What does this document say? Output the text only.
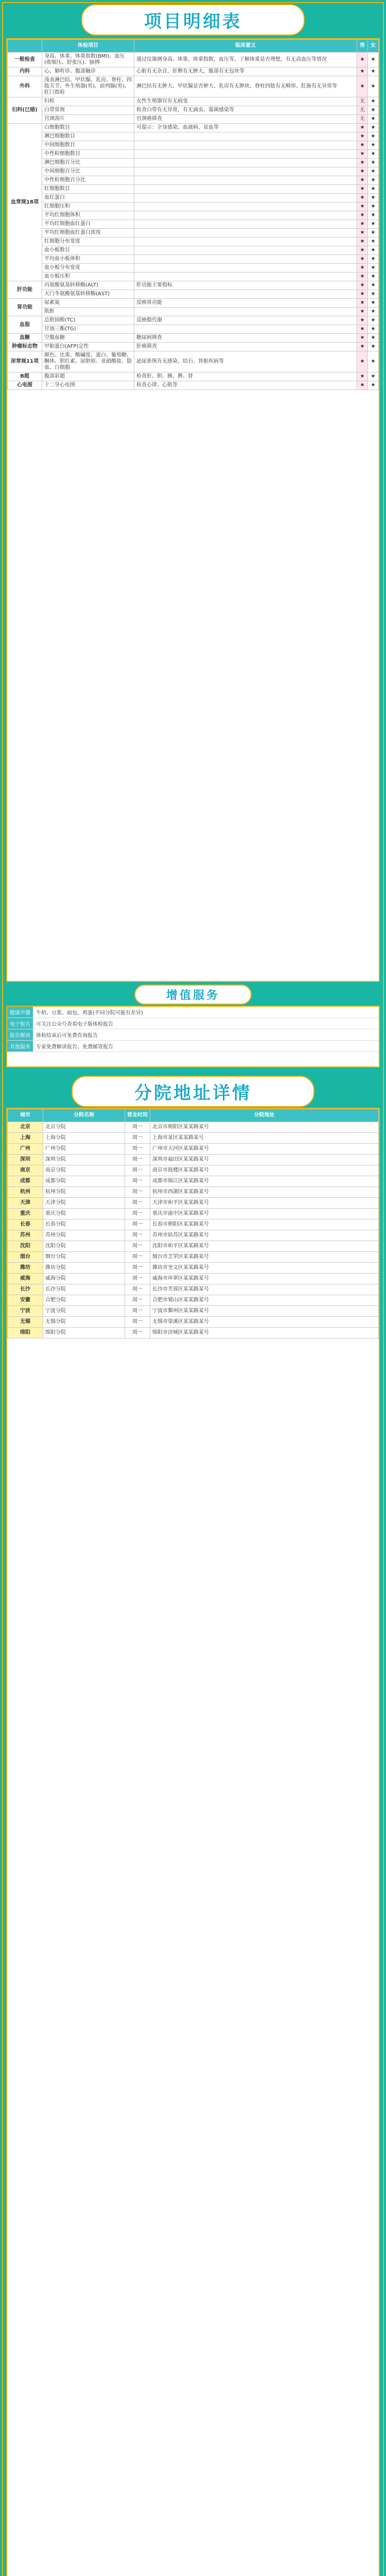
项目明细表
	体检项目	临床意义	男	女
一般检查	身高、体重、体重指数(BMI)、血压(收缩压、舒张压)、脉搏	通过仪器测身高、体重、体重指数，血压等，了解体重是否理想，有无高血压等情况	★	★
内科	心、肺听诊、腹部触诊	心脏有无杂音，肝脾有无肿大，腹部有无包块等	★	★
外科	浅表淋巴结、甲状腺、乳房、脊柱、四肢关节、外生殖器(男)、前列腺(男)、肛门指检	淋巴结有无肿大、甲状腺是否肿大、乳房有无肿块、脊柱四肢有无畸形、肛肠有无异常等	★	★
妇科(已婚)	妇检	女性生殖器官有无病变	无	★
	白带常规	检查白带有无异常，有无滴虫、霉菌感染等	无	★
	宫颈刮片	宫颈癌筛查	无	★
血常规18项	白细胞数目	可提示：全身感染、血液病、贫血等	★	★
	淋巴细胞数目		★	★
	中间细胞数目		★	★
	中性粒细胞数目		★	★
	淋巴细胞百分比		★	★
	中间细胞百分比		★	★
	中性粒细胞百分比		★	★
	红细胞数目		★	★
	血红蛋白		★	★
	红细胞压积		★	★
	平均红细胞体积		★	★
	平均红细胞血红蛋白		★	★
	平均红细胞血红蛋白浓度		★	★
	红细胞分布宽度		★	★
	血小板数目		★	★
	平均血小板体积		★	★
	血小板分布宽度		★	★
	血小板压积		★	★
肝功能	丙氨酸氨基转移酶(ALT)	肝功能主要指标	★	★
	天门冬氨酸氨基转移酶(AST)		★	★
肾功能	尿素氮	反映肾功能	★	★
	肌酐		★	★
血脂	总胆固醇(TC)	反映脂代谢	★	★
	甘油三酯(TG)		★	★
血糖	空腹血糖	糖尿病筛查	★	★
肿瘤标志物	甲胎蛋白(AFP)定性	肝癌筛查	★	★
尿常规11项	颜色、比重、酸碱度、蛋白、葡萄糖、酮体、胆红素、尿胆原、亚硝酸盐、隐血、白细胞	泌尿系统有无感染、结石、肾脏疾病等	★	★
B超	腹部彩超	检查肝、胆、胰、脾、肾	★	★
心电图	十二导心电图	检查心律、心肌等	★	★
增值服务
健康早餐	牛奶、豆浆、面包、鸡蛋(不同分院可能有差异)
电子报告	可关注公众号查看电子版体检报告
报告解读	体检结束后可免费咨询报告
其他服务	专家免费解读报告、免费邮寄报告
分院地址详情
城市	分院名称	营业时间	分院地址
北京	北京分院	周一	北京市朝阳区某某路某号
上海	上海分院	周一	上海市某区某某路某号
广州	广州分院	周一	广州市天河区某某路某号
深圳	深圳分院	周一	深圳市福田区某某路某号
南京	南京分院	周一	南京市鼓楼区某某路某号
成都	成都分院	周一	成都市锦江区某某路某号
杭州	杭州分院	周一	杭州市西湖区某某路某号
天津	天津分院	周一	天津市和平区某某路某号
重庆	重庆分院	周一	重庆市渝中区某某路某号
长春	长春分院	周一	长春市朝阳区某某路某号
苏州	苏州分院	周一	苏州市姑苏区某某路某号
沈阳	沈阳分院	周一	沈阳市和平区某某路某号
烟台	烟台分院	周一	烟台市芝罘区某某路某号
潍坊	潍坊分院	周一	潍坊市奎文区某某路某号
威海	威海分院	周一	威海市环翠区某某路某号
长沙	长沙分院	周一	长沙市芙蓉区某某路某号
安徽	合肥分院	周一	合肥市蜀山区某某路某号
宁波	宁波分院	周一	宁波市鄞州区某某路某号
无锡	无锡分院	周一	无锡市梁溪区某某路某号
绵阳	绵阳分院	周一	绵阳市涪城区某某路某号
